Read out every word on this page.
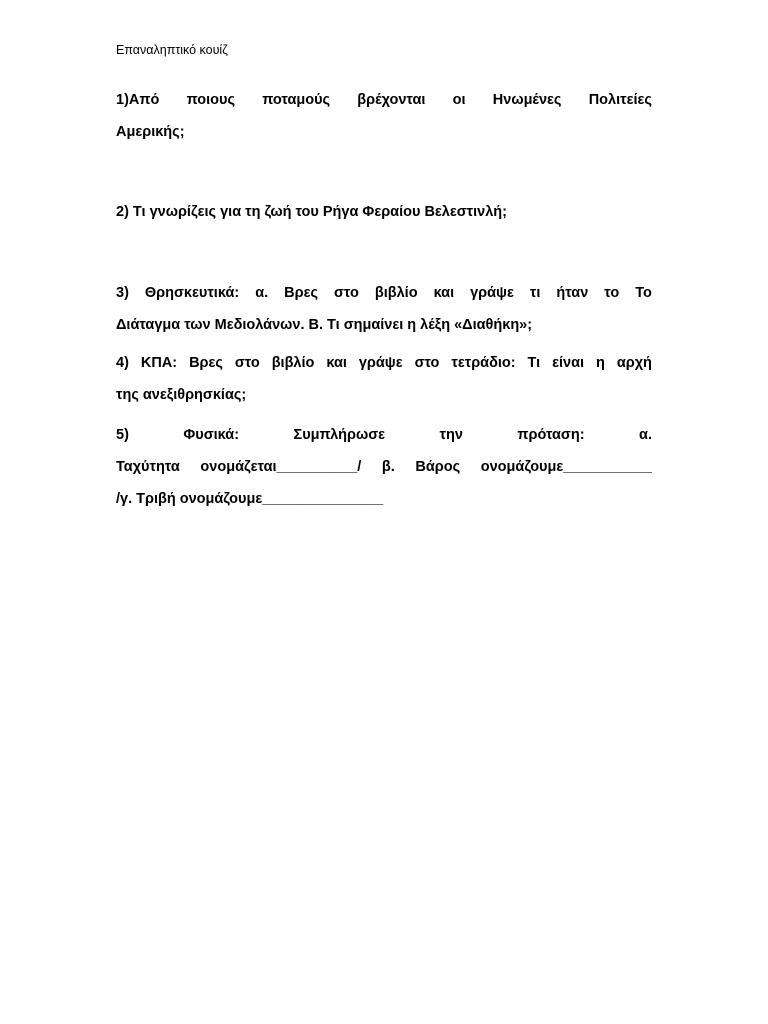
Επαναληπτικό κουίζ
1)Από ποιους ποταμούς βρέχονται οι Ηνωμένες Πολιτείες
Αμερικής;
2) Τι γνωρίζεις για τη ζωή του Ρήγα Φεραίου Βελεστινλή;
3) Θρησκευτικά: α. Βρες στο βιβλίο και γράψε τι ήταν το Το
Διάταγμα των Μεδιολάνων. Β. Τι σημαίνει η λέξη «Διαθήκη»;
4) ΚΠΑ: Βρες στο βιβλίο και γράψε στο τετράδιο: Τι είναι η αρχή
της ανεξιθρησκίας;
5)	Φυσικά:	Συμπλήρωσε	την	πρόταση:	α.
Ταχύτητα ονομάζεται__________/ β. Βάρος ονομάζουμε___________
/γ. Τριβή ονομάζουμε_______________
